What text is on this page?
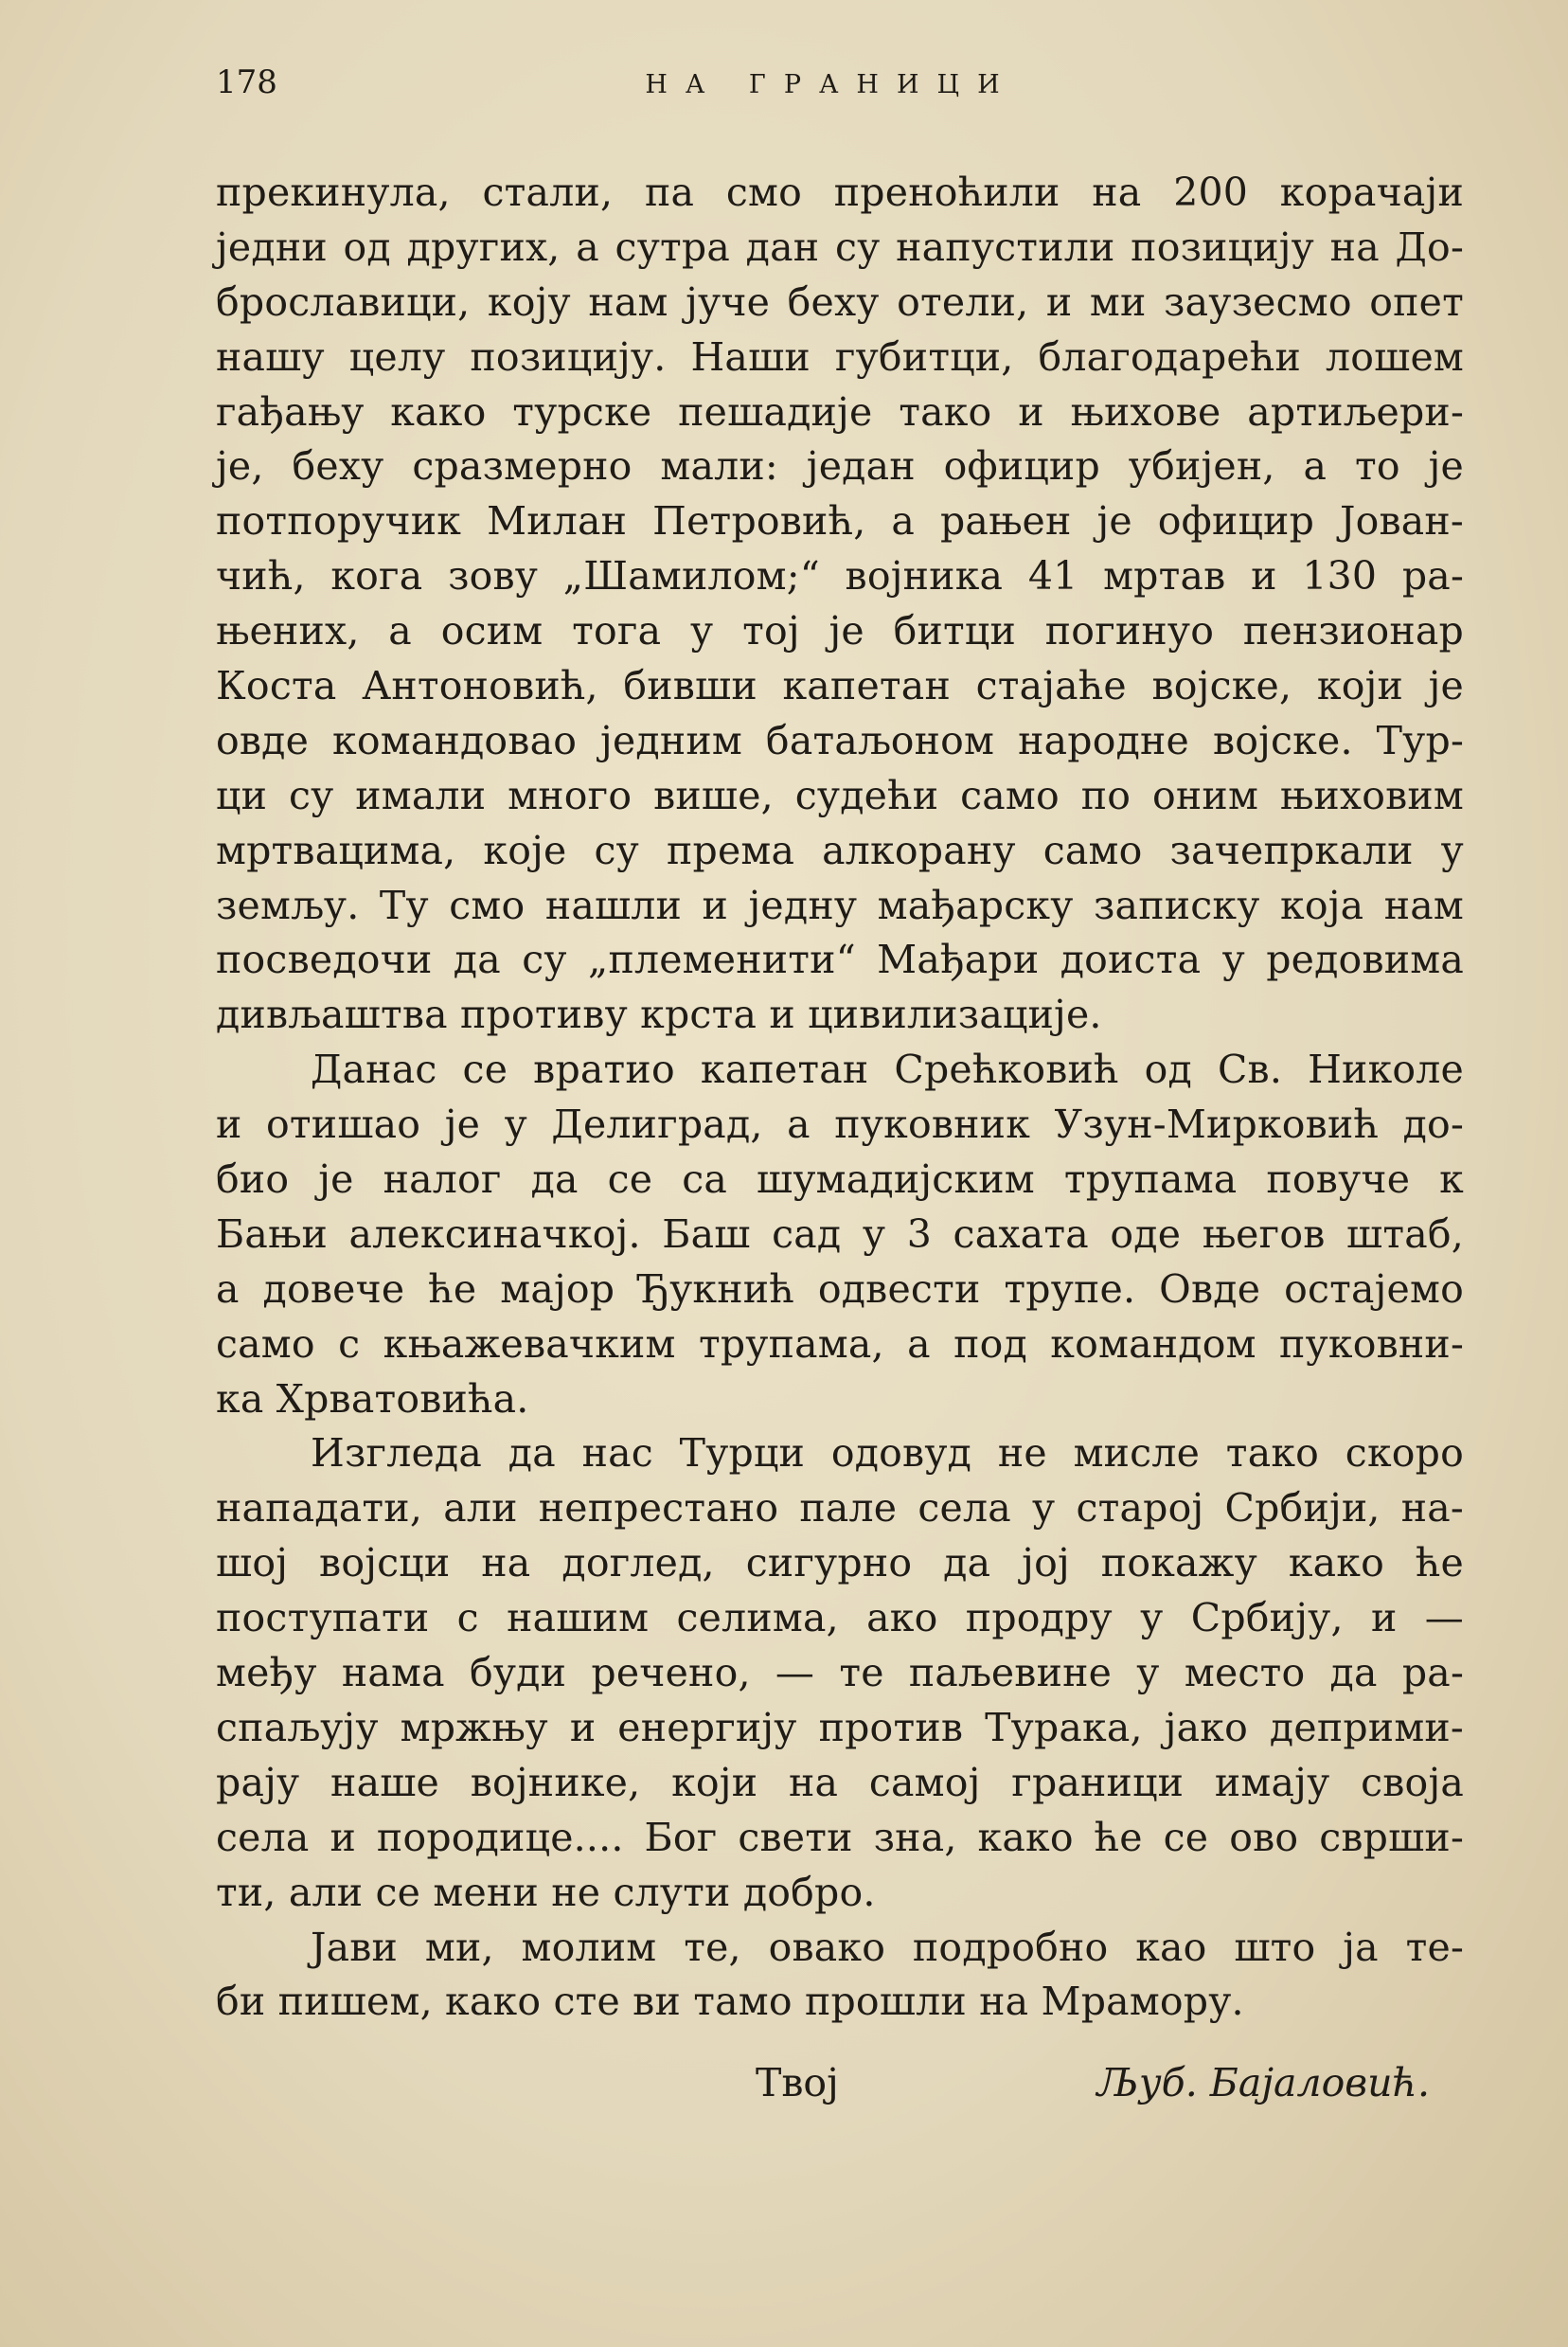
178	НА ГРАНИЦИ
прекинула, стали, па смо преноћили на 200 корачаји
једни од других, а сутра дан су напустили позицију на До-
брославици, коју нам јуче беху отели, и ми заузесмо опет
нашу целу позицију. Наши губитци, благодарећи лошем
гађању како турске пешадије тако и њихове артиљери-
је, беху сразмерно мали: један официр убијен, а то је
потпоручик Милан Петровић, а рањен је официр Јован-
чић, кога зову „Шамилом;“ војника 41 мртав и 130 ра-
њених, а осим тога у тој је битци погинуо пензионар
Коста Антоновић, бивши капетан стајаће војске, који је
овде командовао једним батаљоном народне војске. Тур-
ци су имали много више, судећи само по оним њиховим
мртвацима, које су према алкорану само зачепркали у
земљу. Ту смо нашли и једну мађарску записку која нам
посведочи да су „племенити“ Мађари доиста у редовима
дивљаштва противу крста и цивилизације.
Данас се вратио капетан Срећковић од Св. Николе
и отишао је у Делиград, а пуковник Узун-Мирковић до-
био је налог да се са шумадијским трупама повуче к
Бањи алексиначкој. Баш сад у 3 сахата оде његов штаб,
а довече ће мајор Ђукнић одвести трупе. Овде остајемо
само с књажевачким трупама, а под командом пуковни-
ка Хрватовића.
Изгледа да нас Турци одовуд не мисле тако скоро
нападати, али непрестано пале села у старој Србији, на-
шој војсци на доглед, сигурно да јој покажу како ће
поступати с нашим селима, ако продру у Србију, и —
међу нама буди речено, — те паљевине у место да ра-
спаљују мржњу и енергију против Турака, јако деприми-
рају наше војнике, који на самој граници имају своја
села и породице.... Бог свети зна, како ће се ово сврши-
ти, али се мени не слути добро.
Јави ми, молим те, овако подробно као што ја те-
би пишем, како сте ви тамо прошли на Мрамору.
Твој	Љуб. Бајаловић.
